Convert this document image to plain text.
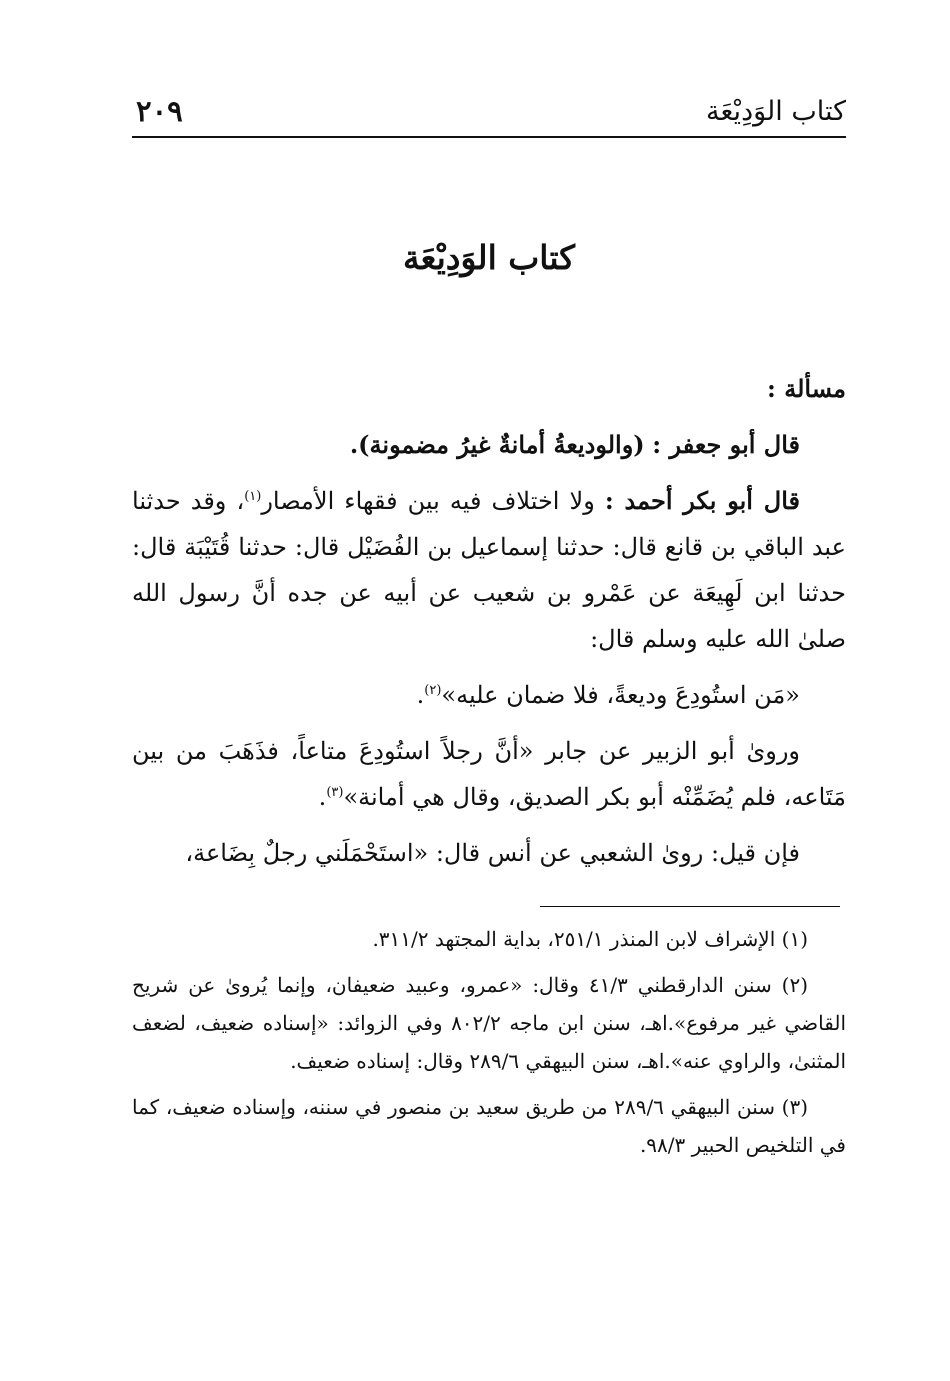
كتاب الوَدِيْعَة
٢٠٩
كتاب الوَدِيْعَة

مسألة :

قال أبو جعفر : (والوديعةُ أمانةٌ غيرُ مضمونة).

قال أبو بكر أحمد : ولا اختلاف فيه بين فقهاء الأمصار$^{(١)}$، وقد حدثنا عبد الباقي بن قانع قال: حدثنا إسماعيل بن الفُضَيْل قال: حدثنا قُتَيْبَة قال: حدثنا ابن لَهِيعَة عن عَمْرو بن شعيب عن أبيه عن جده أنَّ رسول الله صلىٰ الله عليه وسلم قال:

«مَن استُودِعَ وديعةً، فلا ضمان عليه»$^{(٢)}$.

وروىٰ أبو الزبير عن جابر «أنَّ رجلاً استُودِعَ متاعاً، فذَهَبَ من بين مَتَاعه، فلم يُضَمِّنْه أبو بكر الصديق، وقال هي أمانة»$^{(٣)}$.

فإن قيل: روىٰ الشعبي عن أنس قال: «استَحْمَلَني رجلٌ بِضَاعة،

(١) الإشراف لابن المنذر ٢٥١/١، بداية المجتهد ٣١١/٢.

(٢) سنن الدارقطني ٤١/٣ وقال: «عمرو، وعبيد ضعيفان، وإنما يُروىٰ عن شريح القاضي غير مرفوع».اهـ، سنن ابن ماجه ٨٠٢/٢ وفي الزوائد: «إسناده ضعيف، لضعف المثنىٰ، والراوي عنه».اهـ، سنن البيهقي ٢٨٩/٦ وقال: إسناده ضعيف.

(٣) سنن البيهقي ٢٨٩/٦ من طريق سعيد بن منصور في سننه، وإسناده ضعيف، كما في التلخيص الحبير ٩٨/٣.
